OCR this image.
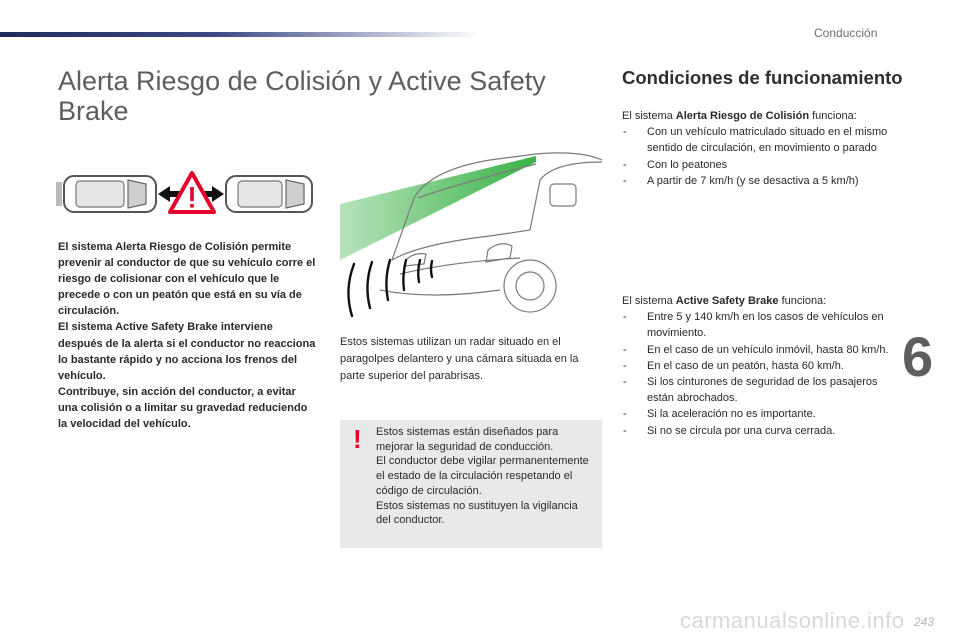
Conducción
Alerta Riesgo de Colisión y Active Safety Brake

El sistema Alerta Riesgo de Colisión permite prevenir al conductor de que su vehículo corre el riesgo de colisionar con el vehículo que le precede o con un peatón que está en su vía de circulación.

El sistema Active Safety Brake interviene después de la alerta si el conductor no reacciona lo bastante rápido y no acciona los frenos del vehículo.

Contribuye, sin acción del conductor, a evitar una colisión o a limitar su gravedad reduciendo la velocidad del vehículo.

Estos sistemas utilizan un radar situado en el paragolpes delantero y una cámara situada en la parte superior del parabrisas.
! Estos sistemas están diseñados para mejorar la seguridad de conducción.
El conductor debe vigilar permanentemente el estado de la circulación respetando el código de circulación.
Estos sistemas no sustituyen la vigilancia del conductor.
Condiciones de funcionamiento
El sistema Alerta Riesgo de Colisión funciona:
- Con un vehículo matriculado situado en el mismo sentido de circulación, en movimiento o parado
- Con lo peatones
- A partir de 7 km/h (y se desactiva a 5 km/h)
El sistema Active Safety Brake funciona:
- Entre 5 y 140 km/h en los casos de vehículos en movimiento.
- En el caso de un vehículo inmóvil, hasta 80 km/h.
- En el caso de un peatón, hasta 60 km/h.
- Si los cinturones de seguridad de los pasajeros están abrochados.
- Si la aceleración no es importante.
- Si no se circula por una curva cerrada.
6
carmanualsonline.info 243
